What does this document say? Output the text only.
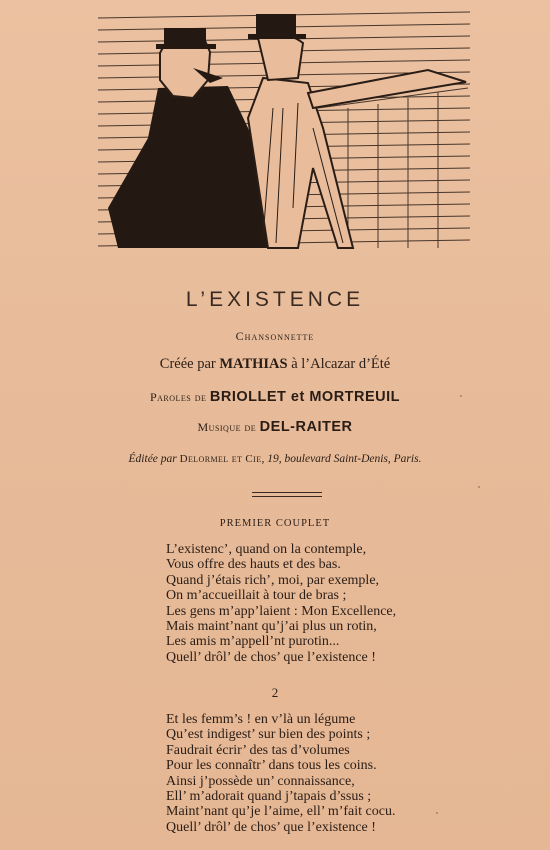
L’EXISTENCE
Chansonnette
Créée par MATHIAS à l’Alcazar d’Été
Paroles de BRIOLLET et MORTREUIL
Musique de DEL-RAITER
Éditée par Delormel et Cie, 19, boulevard Saint-Denis, Paris.
PREMIER COUPLET
L’existenc’, quand on la contemple,
Vous offre des hauts et des bas.
Quand j’étais rich’, moi, par exemple,
On m’accueillait à tour de bras ;
Les gens m’app’laient : Mon Excellence,
Mais maint’nant qu’j’ai plus un rotin,
Les amis m’appell’nt purotin...
Quell’ drôl’ de chos’ que l’existence !
2
Et les femm’s ! en v’là un légume
Qu’est indigest’ sur bien des points ;
Faudrait écrir’ des tas d’volumes
Pour les connaîtr’ dans tous les coins.
Ainsi j’possède un’ connaissance,
Ell’ m’adorait quand j’tapais d’ssus ;
Maint’nant qu’je l’aime, ell’ m’fait cocu.
Quell’ drôl’ de chos’ que l’existence !
